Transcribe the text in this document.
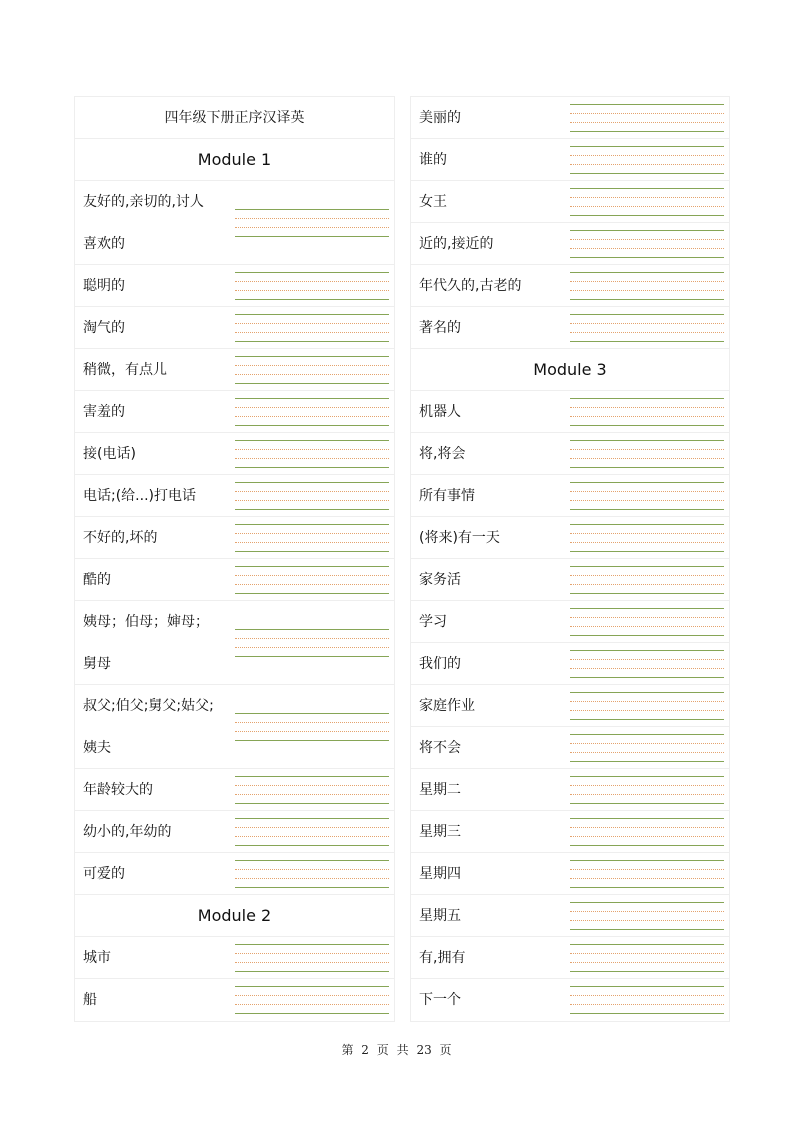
四年级下册正序汉译英
Module 1
友好的,亲切的,讨人
喜欢的
聪明的
淘气的
稍微，有点儿
害羞的
接(电话)
电话;(给...)打电话
不好的,坏的
酷的
姨母；伯母；婶母；
舅母
叔父;伯父;舅父;姑父;
姨夫
年龄较大的
幼小的,年幼的
可爱的
Module 2
城市
船
美丽的
谁的
女王
近的,接近的
年代久的,古老的
著名的
Module 3
机器人
将,将会
所有事情
(将来)有一天
家务活
学习
我们的
家庭作业
将不会
星期二
星期三
星期四
星期五
有,拥有
下一个
第 2 页 共 23 页
